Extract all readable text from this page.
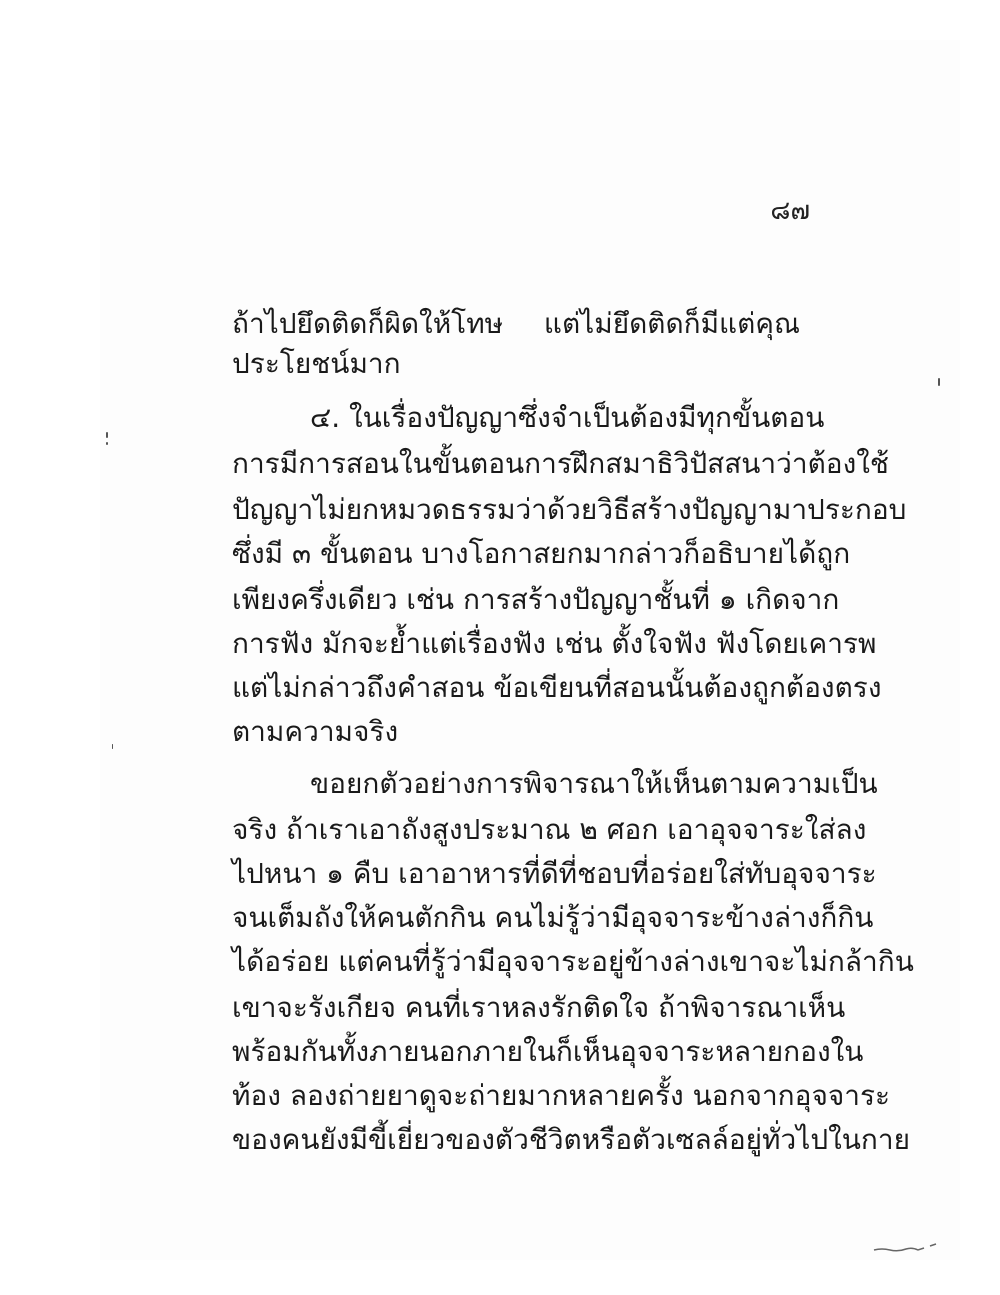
๘๗
ถ้าไปยึดติดก็ผิดให้โทษ แต่ไม่ยึดติดก็มีแต่คุณ
ประโยชน์มาก
๔. ในเรื่องปัญญาซึ่งจำเป็นต้องมีทุกขั้นตอน
การมีการสอนในขั้นตอนการฝึกสมาธิวิปัสสนาว่าต้องใช้
ปัญญาไม่ยกหมวดธรรมว่าด้วยวิธีสร้างปัญญามาประกอบ
ซึ่งมี ๓ ขั้นตอน บางโอกาสยกมากล่าวก็อธิบายได้ถูก
เพียงครึ่งเดียว เช่น การสร้างปัญญาชั้นที่ ๑ เกิดจาก
การฟัง มักจะย้ำแต่เรื่องฟัง เช่น ตั้งใจฟัง ฟังโดยเคารพ
แต่ไม่กล่าวถึงคำสอน ข้อเขียนที่สอนนั้นต้องถูกต้องตรง
ตามความจริง
ขอยกตัวอย่างการพิจารณาให้เห็นตามความเป็น
จริง ถ้าเราเอาถังสูงประมาณ ๒ ศอก เอาอุจจาระใส่ลง
ไปหนา ๑ คืบ เอาอาหารที่ดีที่ชอบที่อร่อยใส่ทับอุจจาระ
จนเต็มถังให้คนตักกิน คนไม่รู้ว่ามีอุจจาระข้างล่างก็กิน
ได้อร่อย แต่คนที่รู้ว่ามีอุจจาระอยู่ข้างล่างเขาจะไม่กล้ากิน
เขาจะรังเกียจ คนที่เราหลงรักติดใจ ถ้าพิจารณาเห็น
พร้อมกันทั้งภายนอกภายในก็เห็นอุจจาระหลายกองใน
ท้อง ลองถ่ายยาดูจะถ่ายมากหลายครั้ง นอกจากอุจจาระ
ของคนยังมีขี้เยี่ยวของตัวชีวิตหรือตัวเซลล์อยู่ทั่วไปในกาย
